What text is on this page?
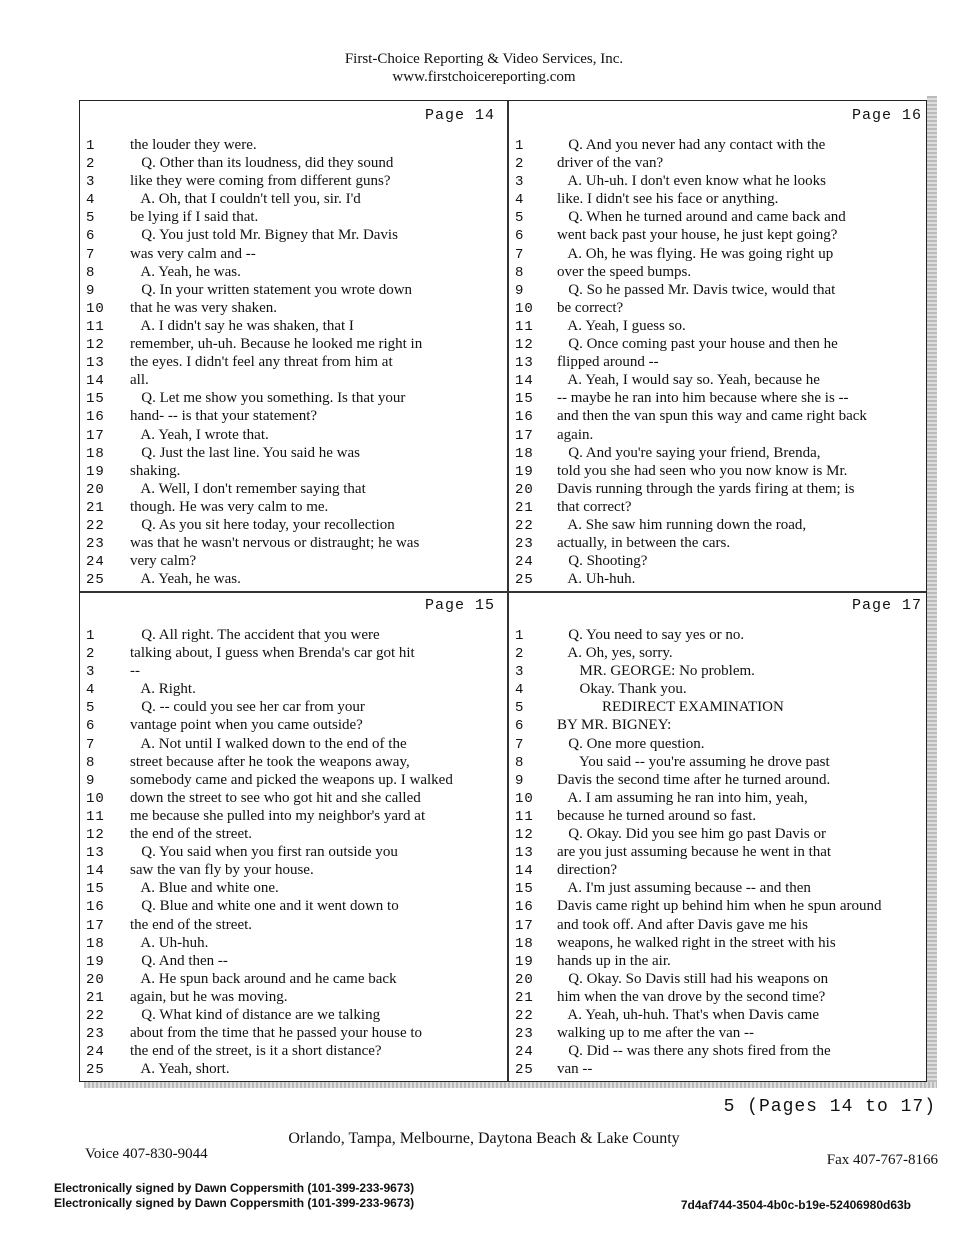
First-Choice Reporting & Video Services, Inc.
www.firstchoicereporting.com
Page 14
1	the louder they were.
2	Q. Other than its loudness, did they sound
3	like they were coming from different guns?
4	A. Oh, that I couldn't tell you, sir. I'd
5	be lying if I said that.
6	Q. You just told Mr. Bigney that Mr. Davis
7	was very calm and --
8	A. Yeah, he was.
9	Q. In your written statement you wrote down
10 that he was very shaken.
11 A. I didn't say he was shaken, that I
12 remember, uh-uh. Because he looked me right in
13 the eyes. I didn't feel any threat from him at
14 all.
15 Q. Let me show you something. Is that your
16 hand- -- is that your statement?
17 A. Yeah, I wrote that.
18 Q. Just the last line. You said he was
19 shaking.
20 A. Well, I don't remember saying that
21 though. He was very calm to me.
22 Q. As you sit here today, your recollection
23 was that he wasn't nervous or distraught; he was
24 very calm?
25 A. Yeah, he was.
Page 16
1	Q. And you never had any contact with the
2	driver of the van?
3	A. Uh-uh. I don't even know what he looks
4	like. I didn't see his face or anything.
5	Q. When he turned around and came back and
6	went back past your house, he just kept going?
7	A. Oh, he was flying. He was going right up
8	over the speed bumps.
9	Q. So he passed Mr. Davis twice, would that
10 be correct?
11 A. Yeah, I guess so.
12 Q. Once coming past your house and then he
13 flipped around --
14 A. Yeah, I would say so. Yeah, because he
15 -- maybe he ran into him because where she is --
16 and then the van spun this way and came right back
17 again.
18 Q. And you're saying your friend, Brenda,
19 told you she had seen who you now know is Mr.
20 Davis running through the yards firing at them; is
21 that correct?
22 A. She saw him running down the road,
23 actually, in between the cars.
24 Q. Shooting?
25 A. Uh-huh.
Page 15
1	Q. All right. The accident that you were
2	talking about, I guess when Brenda's car got hit
3	--
4	A. Right.
5	Q. -- could you see her car from your
6	vantage point when you came outside?
7	A. Not until I walked down to the end of the
8	street because after he took the weapons away,
9	somebody came and picked the weapons up. I walked
10 down the street to see who got hit and she called
11 me because she pulled into my neighbor's yard at
12 the end of the street.
13 Q. You said when you first ran outside you
14 saw the van fly by your house.
15 A. Blue and white one.
16 Q. Blue and white one and it went down to
17 the end of the street.
18 A. Uh-huh.
19 Q. And then --
20 A. He spun back around and he came back
21 again, but he was moving.
22 Q. What kind of distance are we talking
23 about from the time that he passed your house to
24 the end of the street, is it a short distance?
25 A. Yeah, short.
Page 17
1	Q. You need to say yes or no.
2	A. Oh, yes, sorry.
3	MR. GEORGE: No problem.
4	Okay. Thank you.
5	REDIRECT EXAMINATION
6	BY MR. BIGNEY:
7	Q. One more question.
8	You said -- you're assuming he drove past
9	Davis the second time after he turned around.
10 A. I am assuming he ran into him, yeah,
11 because he turned around so fast.
12 Q. Okay. Did you see him go past Davis or
13 are you just assuming because he went in that
14 direction?
15 A. I'm just assuming because -- and then
16 Davis came right up behind him when he spun around
17 and took off. And after Davis gave me his
18 weapons, he walked right in the street with his
19 hands up in the air.
20 Q. Okay. So Davis still had his weapons on
21 him when the van drove by the second time?
22 A. Yeah, uh-huh. That's when Davis came
23 walking up to me after the van --
24 Q. Did -- was there any shots fired from the
25 van --
5 (Pages 14 to 17)
Orlando, Tampa, Melbourne, Daytona Beach & Lake County
Voice 407-830-9044	Fax 407-767-8166
Electronically signed by Dawn Coppersmith (101-399-233-9673)
Electronically signed by Dawn Coppersmith (101-399-233-9673)	7d4af744-3504-4b0c-b19e-52406980d63b
